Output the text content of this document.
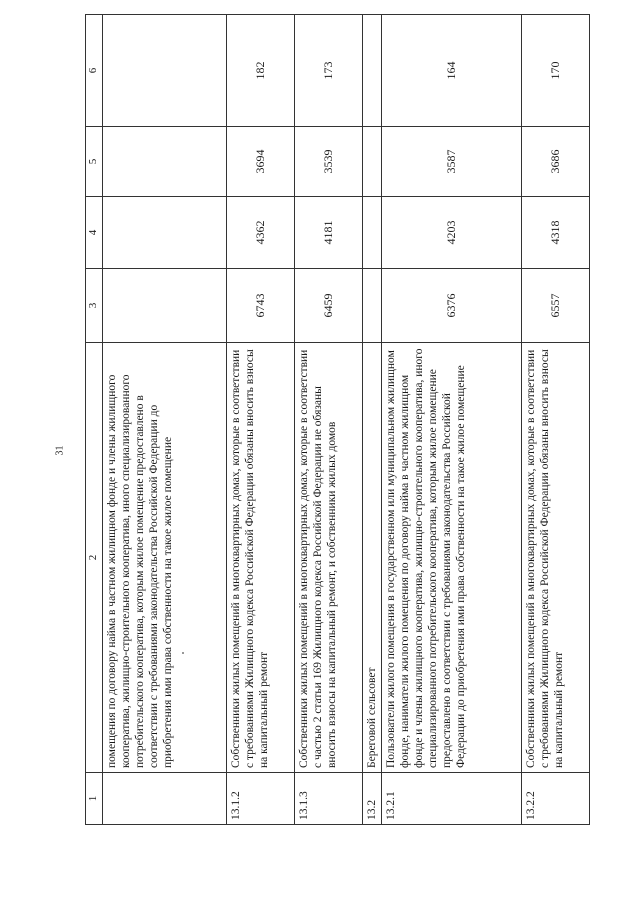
31
1	2	3	4	5	6
	помещения по договору найма в частном жилищном фонде и члены жилищного кооператива, жилищно-строительного кооператива, иного специализированного потребительского кооператива, которым жилое помещение предоставлено в соответствии с требованиями законодательства Российской Федерации до приобретения ими права собственности на такое жилое помещение				
13.1.2	Собственники жилых помещений в многоквартирных домах, которые в соответствии с требованиями Жилищного кодекса Российской Федерации обязаны вносить взносы на капитальный ремонт	6743	4362	3694	182
13.1.3	Собственники жилых помещений в многоквартирных домах, которые в соответствии с частью 2 статьи 169 Жилищного кодекса Российской Федерации не обязаны вносить взносы на капитальный ремонт, и собственники жилых домов	6459	4181	3539	173
13.2	Береговой сельсовет				
13.2.1	Пользователи жилого помещения в государственном или муниципальном жилищном фонде, наниматели жилого помещения по договору найма в частном жилищном фонде и члены жилищного кооператива, жилищно-строительного кооператива, иного специализированного потребительского кооператива, которым жилое помещение предоставлено в соответствии с требованиями законодательства Российской Федерации до приобретения ими права собственности на такое жилое помещение	6376	4203	3587	164
13.2.2	Собственники жилых помещений в многоквартирных домах, которые в соответствии с требованиями Жилищного кодекса Российской Федерации обязаны вносить взносы на капитальный ремонт	6557	4318	3686	170
